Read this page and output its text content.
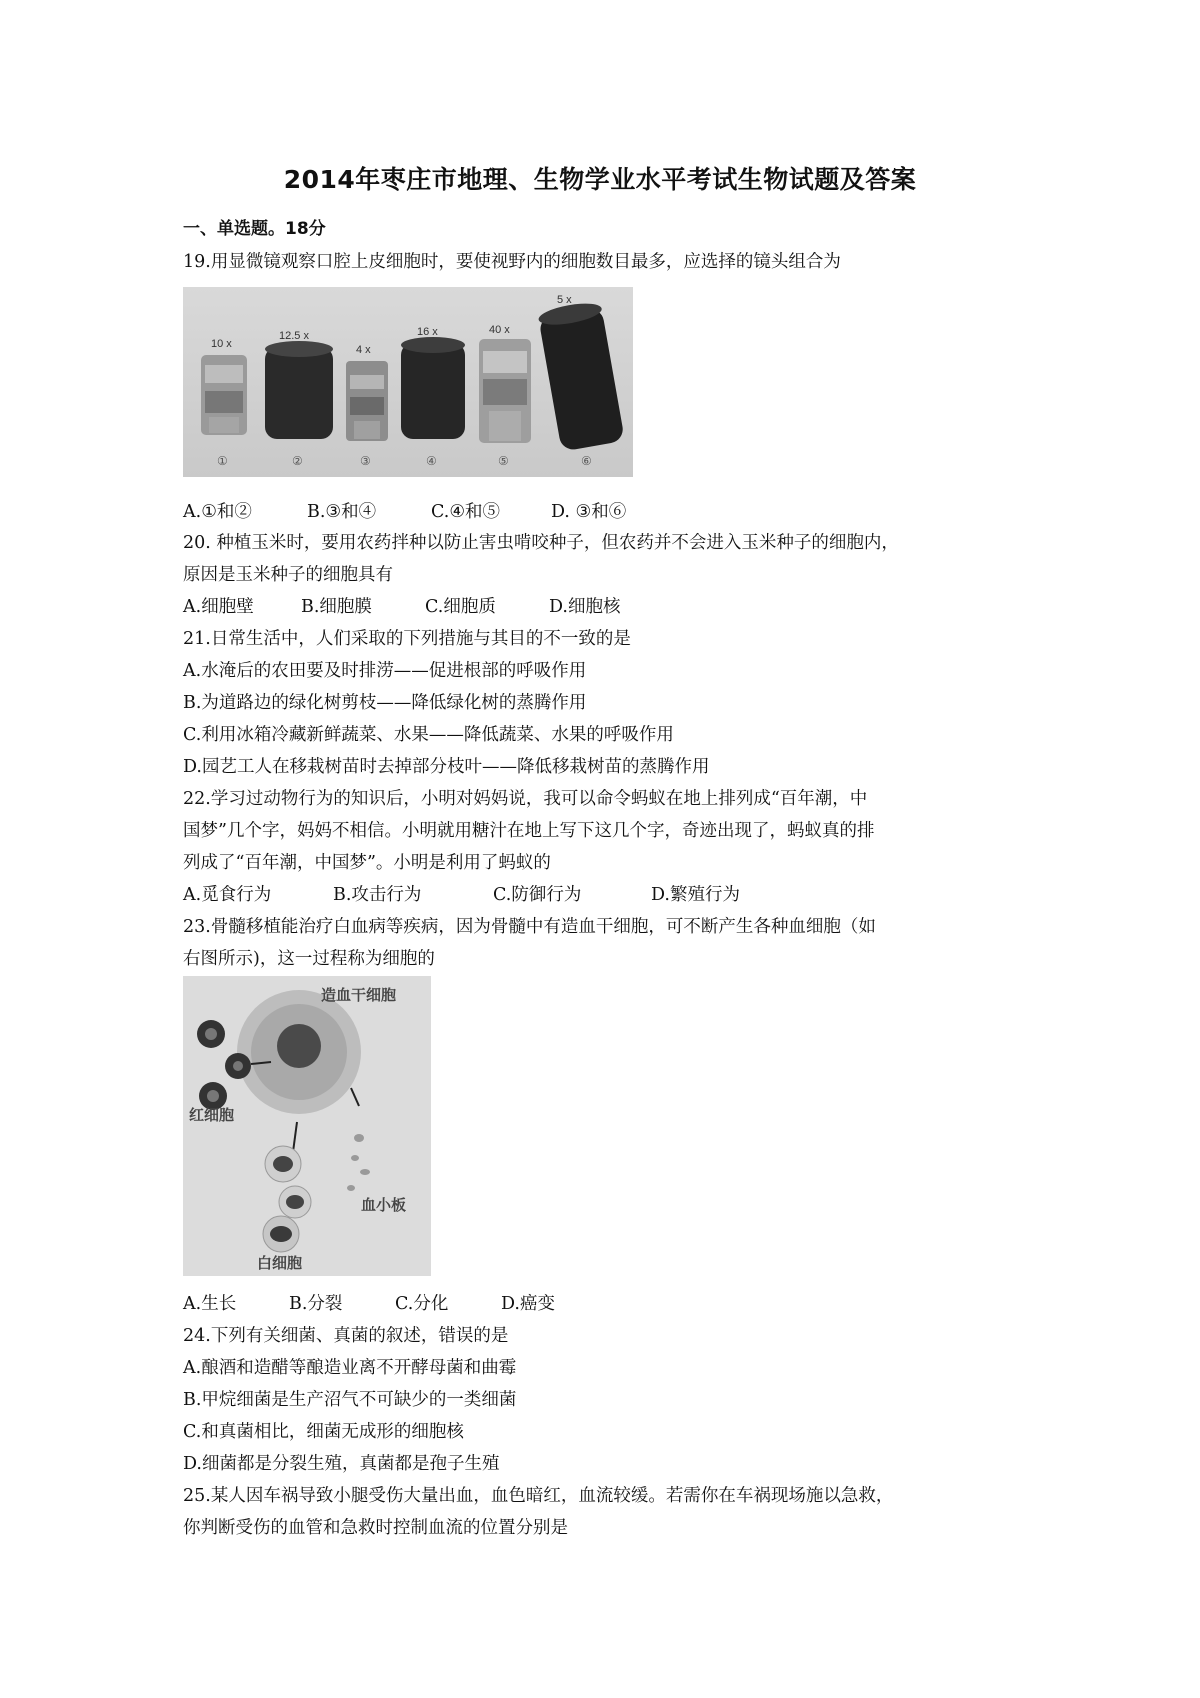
2014年枣庄市地理、生物学业水平考试生物试题及答案
一、单选题。18分
19.用显微镜观察口腔上皮细胞时，要使视野内的细胞数目最多，应选择的镜头组合为
10 x
12.5 x
4 x
16 x	40 x
5 x
①	②	③	④	⑤	⑥
A.①和②	B.③和④	C.④和⑤	D. ③和⑥
20. 种植玉米时，要用农药拌种以防止害虫啃咬种子，但农药并不会进入玉米种子的细胞内，
原因是玉米种子的细胞具有
A.细胞壁	B.细胞膜	C.细胞质	D.细胞核
21.日常生活中，人们采取的下列措施与其目的不一致的是
A.水淹后的农田要及时排涝——促进根部的呼吸作用
B.为道路边的绿化树剪枝——降低绿化树的蒸腾作用
C.利用冰箱冷藏新鲜蔬菜、水果——降低蔬菜、水果的呼吸作用
D.园艺工人在移栽树苗时去掉部分枝叶——降低移栽树苗的蒸腾作用
22.学习过动物行为的知识后，小明对妈妈说，我可以命令蚂蚁在地上排列成“百年潮，中
国梦”几个字，妈妈不相信。小明就用糖汁在地上写下这几个字，奇迹出现了，蚂蚁真的排
列成了“百年潮，中国梦”。小明是利用了蚂蚁的
A.觅食行为	B.攻击行为	C.防御行为	D.繁殖行为
23.骨髓移植能治疗白血病等疾病，因为骨髓中有造血干细胞，可不断产生各种血细胞（如
右图所示)，这一过程称为细胞的
造血干细胞
红细胞
血小板
白细胞
A.生长	B.分裂	C.分化	D.癌变
24.下列有关细菌、真菌的叙述，错误的是
A.酿酒和造醋等酿造业离不开酵母菌和曲霉
B.甲烷细菌是生产沼气不可缺少的一类细菌
C.和真菌相比，细菌无成形的细胞核
D.细菌都是分裂生殖，真菌都是孢子生殖
25.某人因车祸导致小腿受伤大量出血，血色暗红，血流较缓。若需你在车祸现场施以急救，
你判断受伤的血管和急救时控制血流的位置分别是
